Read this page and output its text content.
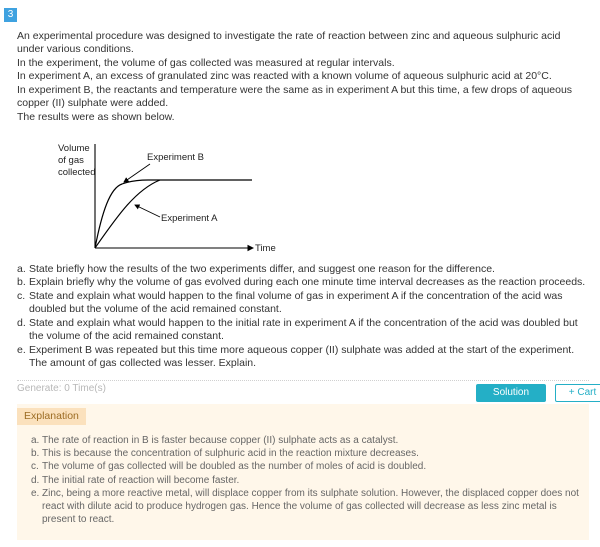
3

An experimental procedure was designed to investigate the rate of reaction between zinc and aqueous sulphuric acid under various conditions.

In the experiment, the volume of gas collected was measured at regular intervals.

In experiment A, an excess of granulated zinc was reacted with a known volume of aqueous sulphuric acid at 20°C.

In experiment B, the reactants and temperature were the same as in experiment A but this time, a few drops of aqueous copper (II) sulphate were added.

The results were as shown below.

Volume
of gas
collected
Experiment B
Experiment A
Time
a. State briefly how the results of the two experiments differ, and suggest one reason for the difference.
b. Explain briefly why the volume of gas evolved during each one minute time interval decreases as the reaction proceeds.
c. State and explain what would happen to the final volume of gas in experiment A if the concentration of the acid was doubled but the volume of the acid remained constant.
d. State and explain what would happen to the initial rate in experiment A if the concentration of the acid was doubled but the volume of the acid remained constant.
e. Experiment B was repeated but this time more aqueous copper (II) sulphate was added at the start of the experiment. The amount of gas collected was lesser. Explain.
Generate: 0 Time(s)	Solution	+ Cart
Explanation
a. The rate of reaction in B is faster because copper (II) sulphate acts as a catalyst.
b. This is because the concentration of sulphuric acid in the reaction mixture decreases.
c. The volume of gas collected will be doubled as the number of moles of acid is doubled.
d. The initial rate of reaction will become faster.
e. Zinc, being a more reactive metal, will displace copper from its sulphate solution. However, the displaced copper does not react with dilute acid to produce hydrogen gas. Hence the volume of gas collected will decrease as less zinc metal is present to react.
